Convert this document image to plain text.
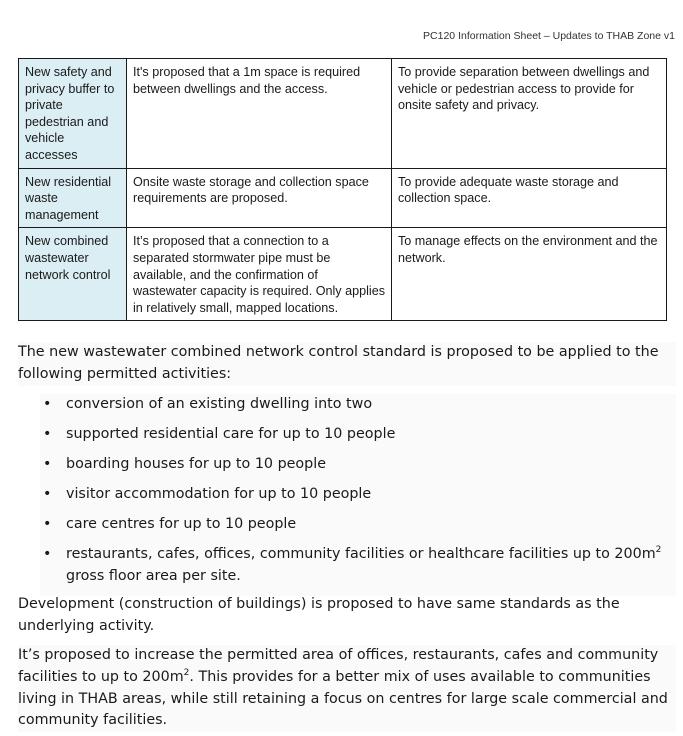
PC120 Information Sheet – Updates to THAB Zone v1
New safety and privacy buffer to private pedestrian and vehicle accesses	It's proposed that a 1m space is required between dwellings and the access.	To provide separation between dwellings and vehicle or pedestrian access to provide for onsite safety and privacy.
New residential waste management	Onsite waste storage and collection space requirements are proposed.	To provide adequate waste storage and collection space.
New combined wastewater network control	It’s proposed that a connection to a separated stormwater pipe must be available, and the confirmation of wastewater capacity is required. Only applies in relatively small, mapped locations.	To manage effects on the environment and the network.
The new wastewater combined network control standard is proposed to be applied to the following permitted activities:
• conversion of an existing dwelling into two
• supported residential care for up to 10 people
• boarding houses for up to 10 people
• visitor accommodation for up to 10 people
• care centres for up to 10 people
• restaurants, cafes, offices, community facilities or healthcare facilities up to $200m^2$ gross floor area per site.
Development (construction of buildings) is proposed to have same standards as the underlying activity.
It’s proposed to increase the permitted area of offices, restaurants, cafes and community facilities to up to $200m^2$. This provides for a better mix of uses available to communities living in THAB areas, while still retaining a focus on centres for large scale commercial and community facilities.
